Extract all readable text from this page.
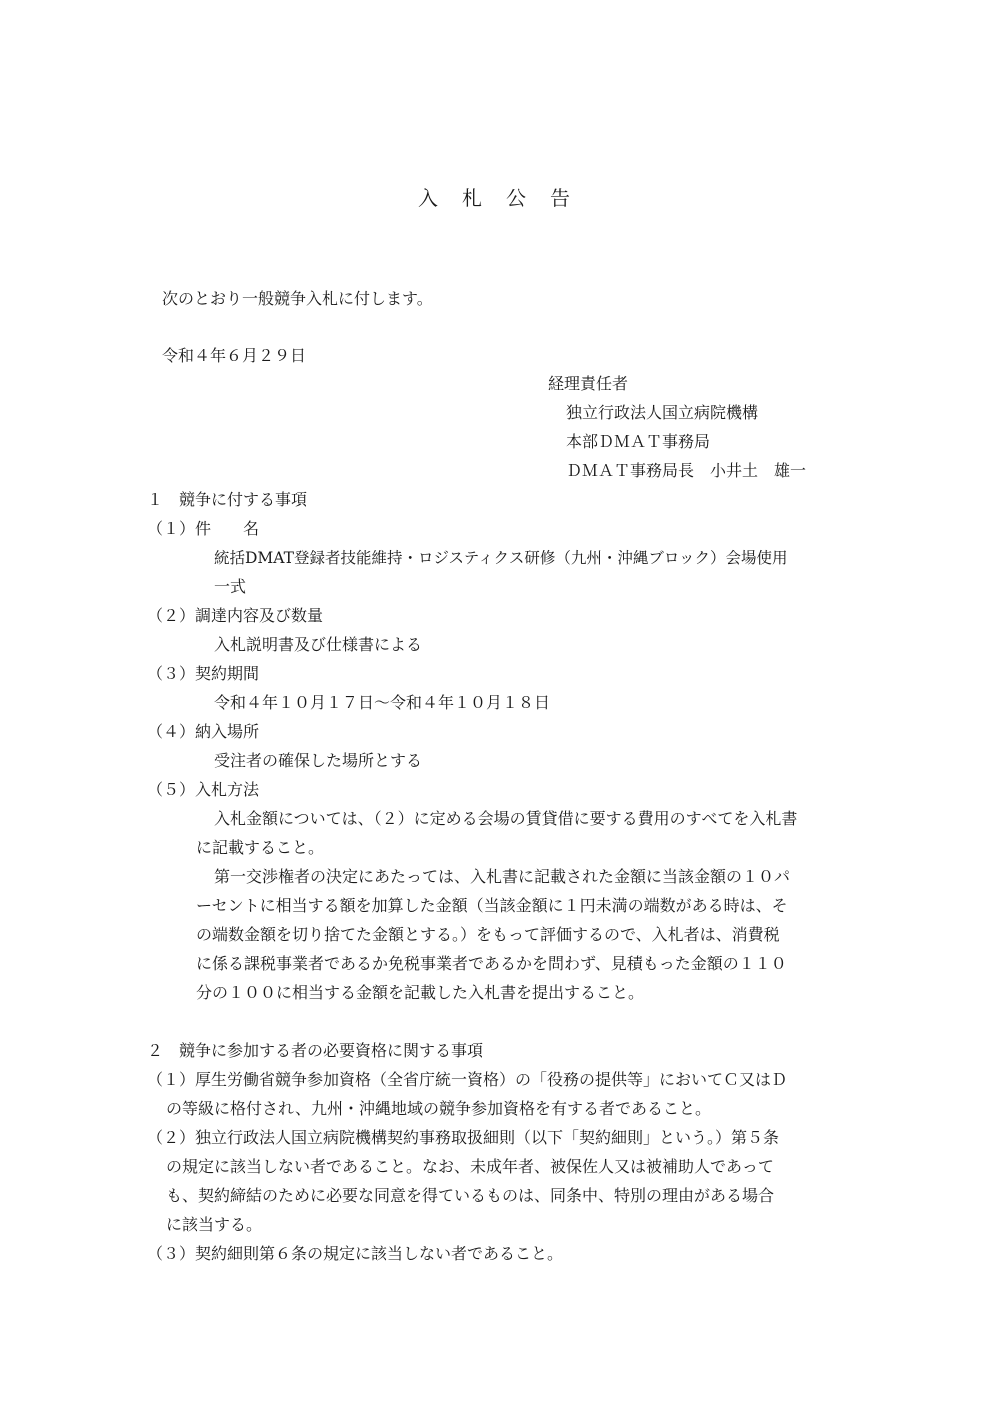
入札公告
次のとおり一般競争入札に付します。
令和４年６月２９日
経理責任者
独立行政法人国立病院機構
本部ＤＭＡＴ事務局
ＤＭＡＴ事務局長　小井土　雄一
１　競争に付する事項
（１）件　　名
統括DMAT登録者技能維持・ロジスティクス研修（九州・沖縄ブロック）会場使用
一式
（２）調達内容及び数量
入札説明書及び仕様書による
（３）契約期間
令和４年１０月１７日～令和４年１０月１８日
（４）納入場所
受注者の確保した場所とする
（５）入札方法
入札金額については、（２）に定める会場の賃貸借に要する費用のすべてを入札書
に記載すること。
第一交渉権者の決定にあたっては、入札書に記載された金額に当該金額の１０パ
ーセントに相当する額を加算した金額（当該金額に１円未満の端数がある時は、そ
の端数金額を切り捨てた金額とする。）をもって評価するので、入札者は、消費税
に係る課税事業者であるか免税事業者であるかを問わず、見積もった金額の１１０
分の１００に相当する金額を記載した入札書を提出すること。
２　競争に参加する者の必要資格に関する事項
（１）厚生労働省競争参加資格（全省庁統一資格）の「役務の提供等」においてＣ又はＤ
の等級に格付され、九州・沖縄地域の競争参加資格を有する者であること。
（２）独立行政法人国立病院機構契約事務取扱細則（以下「契約細則」という。）第５条
の規定に該当しない者であること。なお、未成年者、被保佐人又は被補助人であって
も、契約締結のために必要な同意を得ているものは、同条中、特別の理由がある場合
に該当する。
（３）契約細則第６条の規定に該当しない者であること。
